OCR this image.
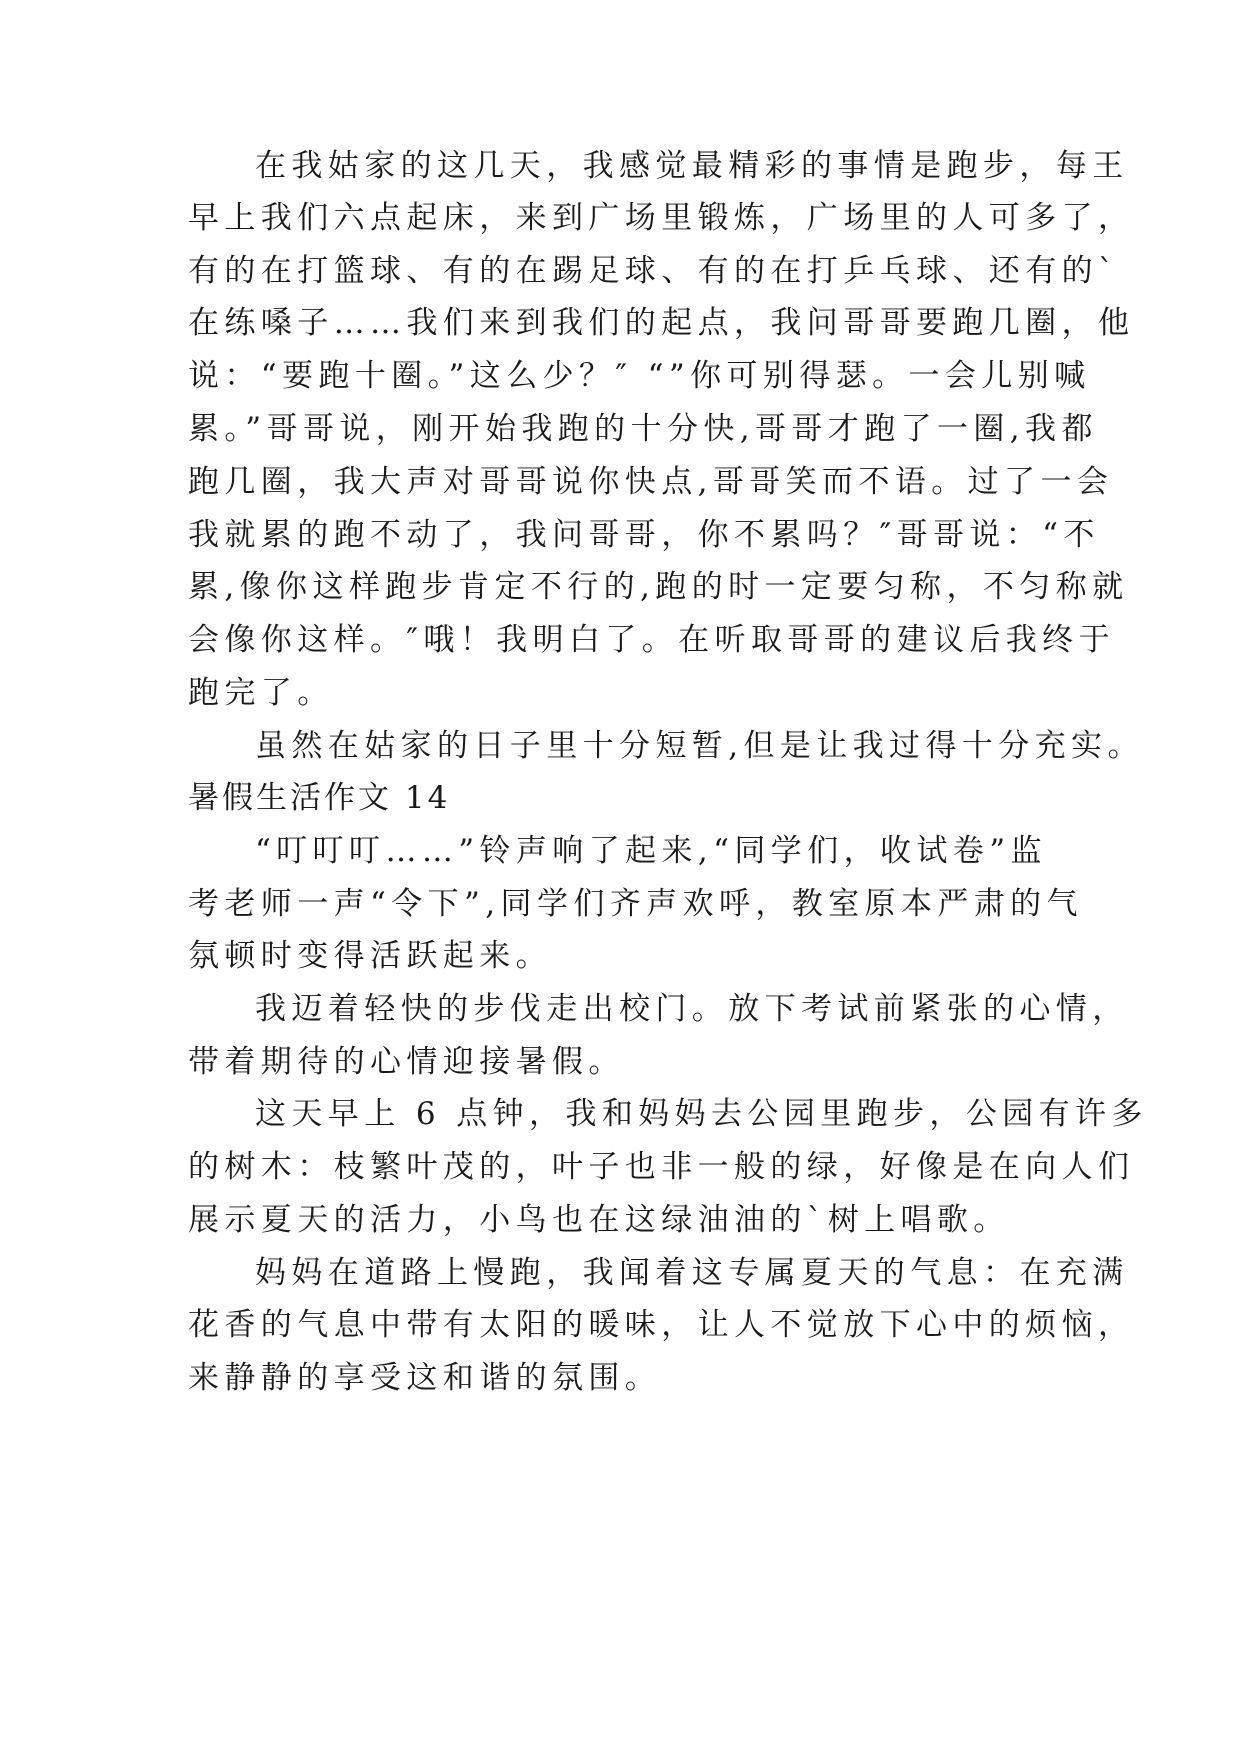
在我姑家的这几天，我感觉最精彩的事情是跑步，每王

早上我们六点起床，来到广场里锻炼，广场里的人可多了，

有的在打篮球、有的在踢足球、有的在打乒乓球、还有的`

在练嗓子……我们来到我们的起点，我问哥哥要跑几圈，他

说：“要跑十圈。”这么少？″ “”你可别得瑟。一会儿别喊

累。”哥哥说，刚开始我跑的十分快,哥哥才跑了一圈,我都

跑几圈，我大声对哥哥说你快点,哥哥笑而不语。过了一会

我就累的跑不动了，我问哥哥，你不累吗？″哥哥说：“不

累,像你这样跑步肯定不行的,跑的时一定要匀称，不匀称就

会像你这样。″哦！我明白了。在听取哥哥的建议后我终于

跑完了。

虽然在姑家的日子里十分短暂,但是让我过得十分充实。

暑假生活作文 14

“叮叮叮……”铃声响了起来,“同学们，收试卷”监

考老师一声“令下”,同学们齐声欢呼，教室原本严肃的气

氛顿时变得活跃起来。

我迈着轻快的步伐走出校门。放下考试前紧张的心情，

带着期待的心情迎接暑假。

这天早上 6 点钟，我和妈妈去公园里跑步，公园有许多

的树木：枝繁叶茂的，叶子也非一般的绿，好像是在向人们

展示夏天的活力，小鸟也在这绿油油的`树上唱歌。

妈妈在道路上慢跑，我闻着这专属夏天的气息：在充满

花香的气息中带有太阳的暖味，让人不觉放下心中的烦恼，

来静静的享受这和谐的氛围。
